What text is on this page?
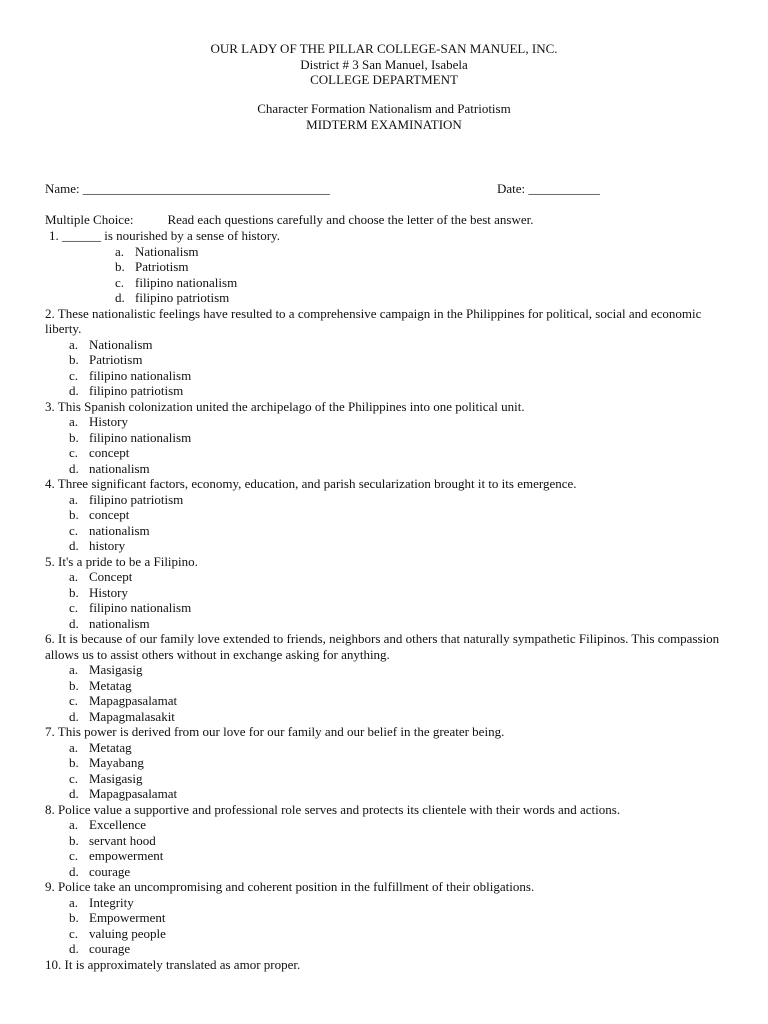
OUR LADY OF THE PILLAR COLLEGE-SAN MANUEL, INC.
District # 3 San Manuel, Isabela
COLLEGE DEPARTMENT
Character Formation Nationalism and Patriotism
MIDTERM EXAMINATION
Name: ______________________________________	Date: ___________
Multiple Choice:	Read each questions carefully and choose the letter of the best answer.
1. ______ is nourished by a sense of history.
a. Nationalism
b. Patriotism
c. filipino nationalism
d. filipino patriotism
2. These nationalistic feelings have resulted to a comprehensive campaign in the Philippines for political, social and economic liberty.
a. Nationalism
b. Patriotism
c. filipino nationalism
d. filipino patriotism
3. This Spanish colonization united the archipelago of the Philippines into one political unit.
a. History
b. filipino nationalism
c. concept
d. nationalism
4. Three significant factors, economy, education, and parish secularization brought it to its emergence.
a. filipino patriotism
b. concept
c. nationalism
d. history
5. It's a pride to be a Filipino.
a. Concept
b. History
c. filipino nationalism
d. nationalism
6. It is because of our family love extended to friends, neighbors and others that naturally sympathetic Filipinos. This compassion allows us to assist others without in exchange asking for anything.
a. Masigasig
b. Metatag
c. Mapagpasalamat
d. Mapagmalasakit
7. This power is derived from our love for our family and our belief in the greater being.
a. Metatag
b. Mayabang
c. Masigasig
d. Mapagpasalamat
8. Police value a supportive and professional role serves and protects its clientele with their words and actions.
a. Excellence
b. servant hood
c. empowerment
d. courage
9. Police take an uncompromising and coherent position in the fulfillment of their obligations.
a. Integrity
b. Empowerment
c. valuing people
d. courage
10. It is approximately translated as amor proper.
